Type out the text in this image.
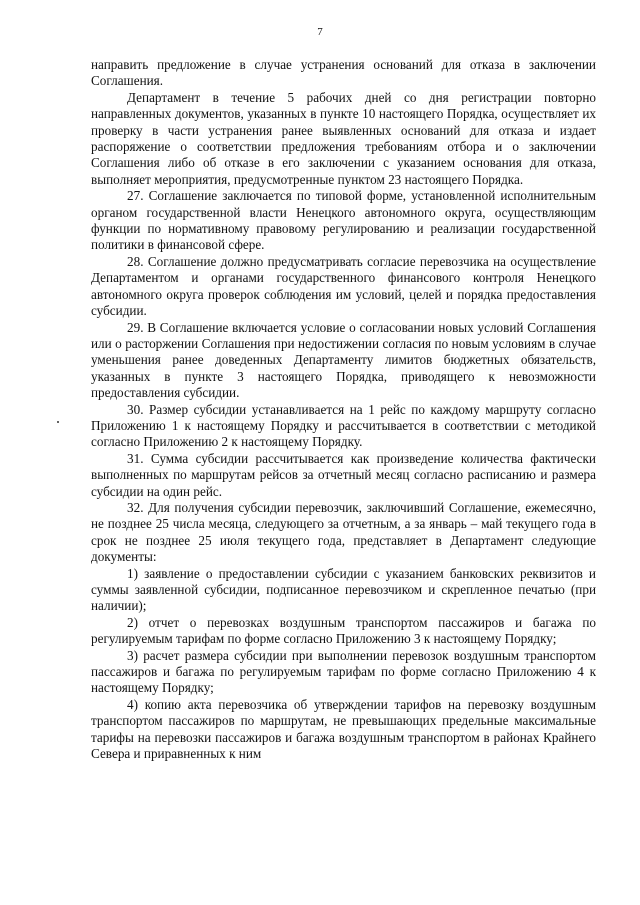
7

направить предложение в случае устранения оснований для отказа в заключении Соглашения.

Департамент в течение 5 рабочих дней со дня регистрации повторно направленных документов, указанных в пункте 10 настоящего Порядка, осуществляет их проверку в части устранения ранее выявленных оснований для отказа и издает распоряжение о соответствии предложения требованиям отбора и о заключении Соглашения либо об отказе в его заключении с указанием основания для отказа, выполняет мероприятия, предусмотренные пунктом 23 настоящего Порядка.

27. Соглашение заключается по типовой форме, установленной исполнительным органом государственной власти Ненецкого автономного округа, осуществляющим функции по нормативному правовому регулированию и реализации государственной политики в финансовой сфере.

28. Соглашение должно предусматривать согласие перевозчика на осуществление Департаментом и органами государственного финансового контроля Ненецкого автономного округа проверок соблюдения им условий, целей и порядка предоставления субсидии.

29. В Соглашение включается условие о согласовании новых условий Соглашения или о расторжении Соглашения при недостижении согласия по новым условиям в случае уменьшения ранее доведенных Департаменту лимитов бюджетных обязательств, указанных в пункте 3 настоящего Порядка, приводящего к невозможности предоставления субсидии.

30. Размер субсидии устанавливается на 1 рейс по каждому маршруту согласно Приложению 1 к настоящему Порядку и рассчитывается в соответствии с методикой согласно Приложению 2 к настоящему Порядку.

31. Сумма субсидии рассчитывается как произведение количества фактически выполненных по маршрутам рейсов за отчетный месяц согласно расписанию и размера субсидии на один рейс.

32. Для получения субсидии перевозчик, заключивший Соглашение, ежемесячно, не позднее 25 числа месяца, следующего за отчетным, а за январь – май текущего года в срок не позднее 25 июля текущего года, представляет в Департамент следующие документы:

1) заявление о предоставлении субсидии с указанием банковских реквизитов и суммы заявленной субсидии, подписанное перевозчиком и скрепленное печатью (при наличии);

2) отчет о перевозках воздушным транспортом пассажиров и багажа по регулируемым тарифам по форме согласно Приложению 3 к настоящему Порядку;

3) расчет размера субсидии при выполнении перевозок воздушным транспортом пассажиров и багажа по регулируемым тарифам по форме согласно Приложению 4 к настоящему Порядку;

4) копию акта перевозчика об утверждении тарифов на перевозку воздушным транспортом пассажиров по маршрутам, не превышающих предельные максимальные тарифы на перевозки пассажиров и багажа воздушным транспортом в районах Крайнего Севера и приравненных к ним
